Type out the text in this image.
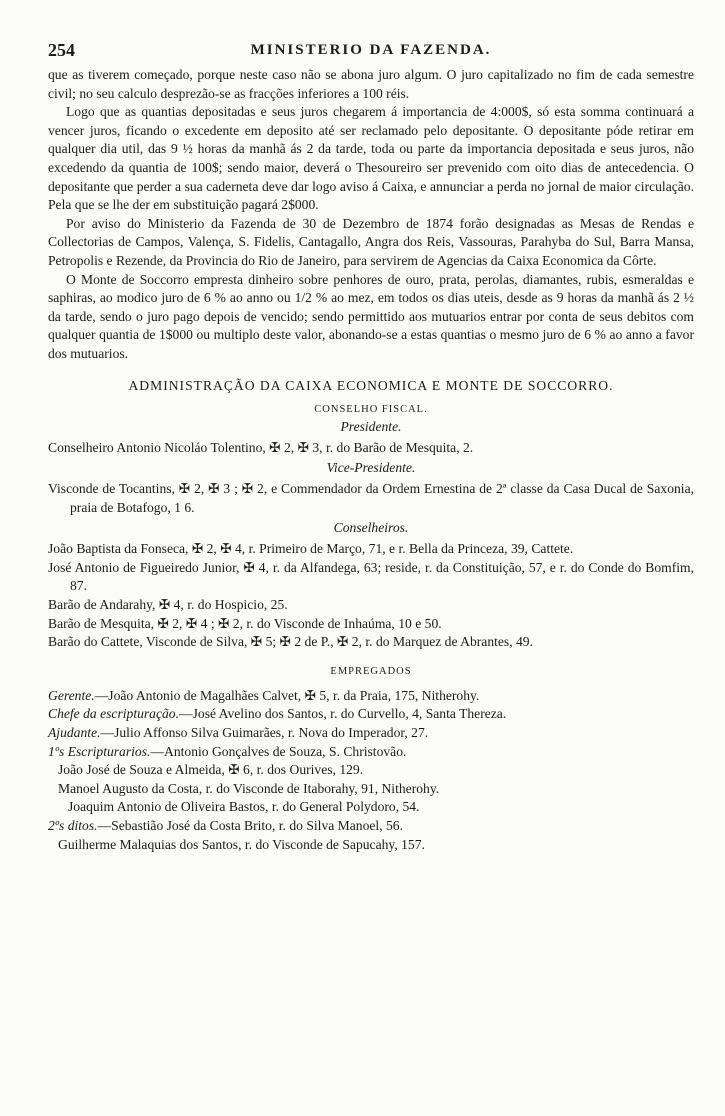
254	MINISTERIO DA FAZENDA.

que as tiverem começado, porque neste caso não se abona juro algum. O juro capitalizado no fim de cada semestre civil; no seu calculo desprezão-se as fracções inferiores a 100 réis.

Logo que as quantias depositadas e seus juros chegarem á importancia de 4:000$, só esta somma continuará a vencer juros, ficando o excedente em deposito até ser reclamado pelo depositante. O depositante póde retirar em qualquer dia util, das 9 ½ horas da manhã ás 2 da tarde, toda ou parte da importancia depositada e seus juros, não excedendo da quantia de 100$; sendo maior, deverá o Thesoureiro ser prevenido com oito dias de antecedencia. O depositante que perder a sua caderneta deve dar logo aviso á Caixa, e annunciar a perda no jornal de maior circulação. Pela que se lhe der em substituição pagará 2$000.

Por aviso do Ministerio da Fazenda de 30 de Dezembro de 1874 forão designadas as Mesas de Rendas e Collectorias de Campos, Valença, S. Fidelis, Cantagallo, Angra dos Reis, Vassouras, Parahyba do Sul, Barra Mansa, Petropolis e Rezende, da Provincia do Rio de Janeiro, para servirem de Agencias da Caixa Economica da Côrte.

O Monte de Soccorro empresta dinheiro sobre penhores de ouro, prata, perolas, diamantes, rubis, esmeraldas e saphiras, ao modico juro de 6 % ao anno ou 1/2 % ao mez, em todos os dias uteis, desde as 9 horas da manhã ás 2 ½ da tarde, sendo o juro pago depois de vencido; sendo permittido aos mutuarios entrar por conta de seus debitos com qualquer quantia de 1$000 ou multiplo deste valor, abonando-se a estas quantias o mesmo juro de 6 % ao anno a favor dos mutuarios.

ADMINISTRAÇÃO DA CAIXA ECONOMICA E MONTE DE SOCCORRO.
CONSELHO FISCAL.
Presidente.

Conselheiro Antonio Nicoláo Tolentino, ✠ 2, ✠ 3, r. do Barão de Mesquita, 2.

Vice-Presidente.

Visconde de Tocantins, ✠ 2, ✠ 3 ; ✠ 2, e Commendador da Ordem Ernestina de 2ª classe da Casa Ducal de Saxonia, praia de Botafogo, 1 6.

Conselheiros.

João Baptista da Fonseca, ✠ 2, ✠ 4, r. Primeiro de Março, 71, e r. Bella da Princeza, 39, Cattete.

José Antonio de Figueiredo Junior, ✠ 4, r. da Alfandega, 63; reside, r. da Constituição, 57, e r. do Conde do Bomfim, 87.

Barão de Andarahy, ✠ 4, r. do Hospicio, 25.

Barão de Mesquita, ✠ 2, ✠ 4 ; ✠ 2, r. do Visconde de Inhaúma, 10 e 50.

Barão do Cattete, Visconde de Silva, ✠ 5; ✠ 2 de P., ✠ 2, r. do Marquez de Abrantes, 49.

EMPREGADOS

Gerente.—João Antonio de Magalhães Calvet, ✠ 5, r. da Praia, 175, Nitherohy.

Chefe da escripturação.—José Avelino dos Santos, r. do Curvello, 4, Santa Thereza.

Ajudante.—Julio Affonso Silva Guimarães, r. Nova do Imperador, 27.

1ºs Escripturarios.—Antonio Gonçalves de Souza, S. Christovão.

João José de Souza e Almeida, ✠ 6, r. dos Ourives, 129.

Manoel Augusto da Costa, r. do Visconde de Itaborahy, 91, Nitherohy.

Joaquim Antonio de Oliveira Bastos, r. do General Polydoro, 54.

2ºs ditos.—Sebastião José da Costa Brito, r. do Silva Manoel, 56.

Guilherme Malaquias dos Santos, r. do Visconde de Sapucahy, 157.
